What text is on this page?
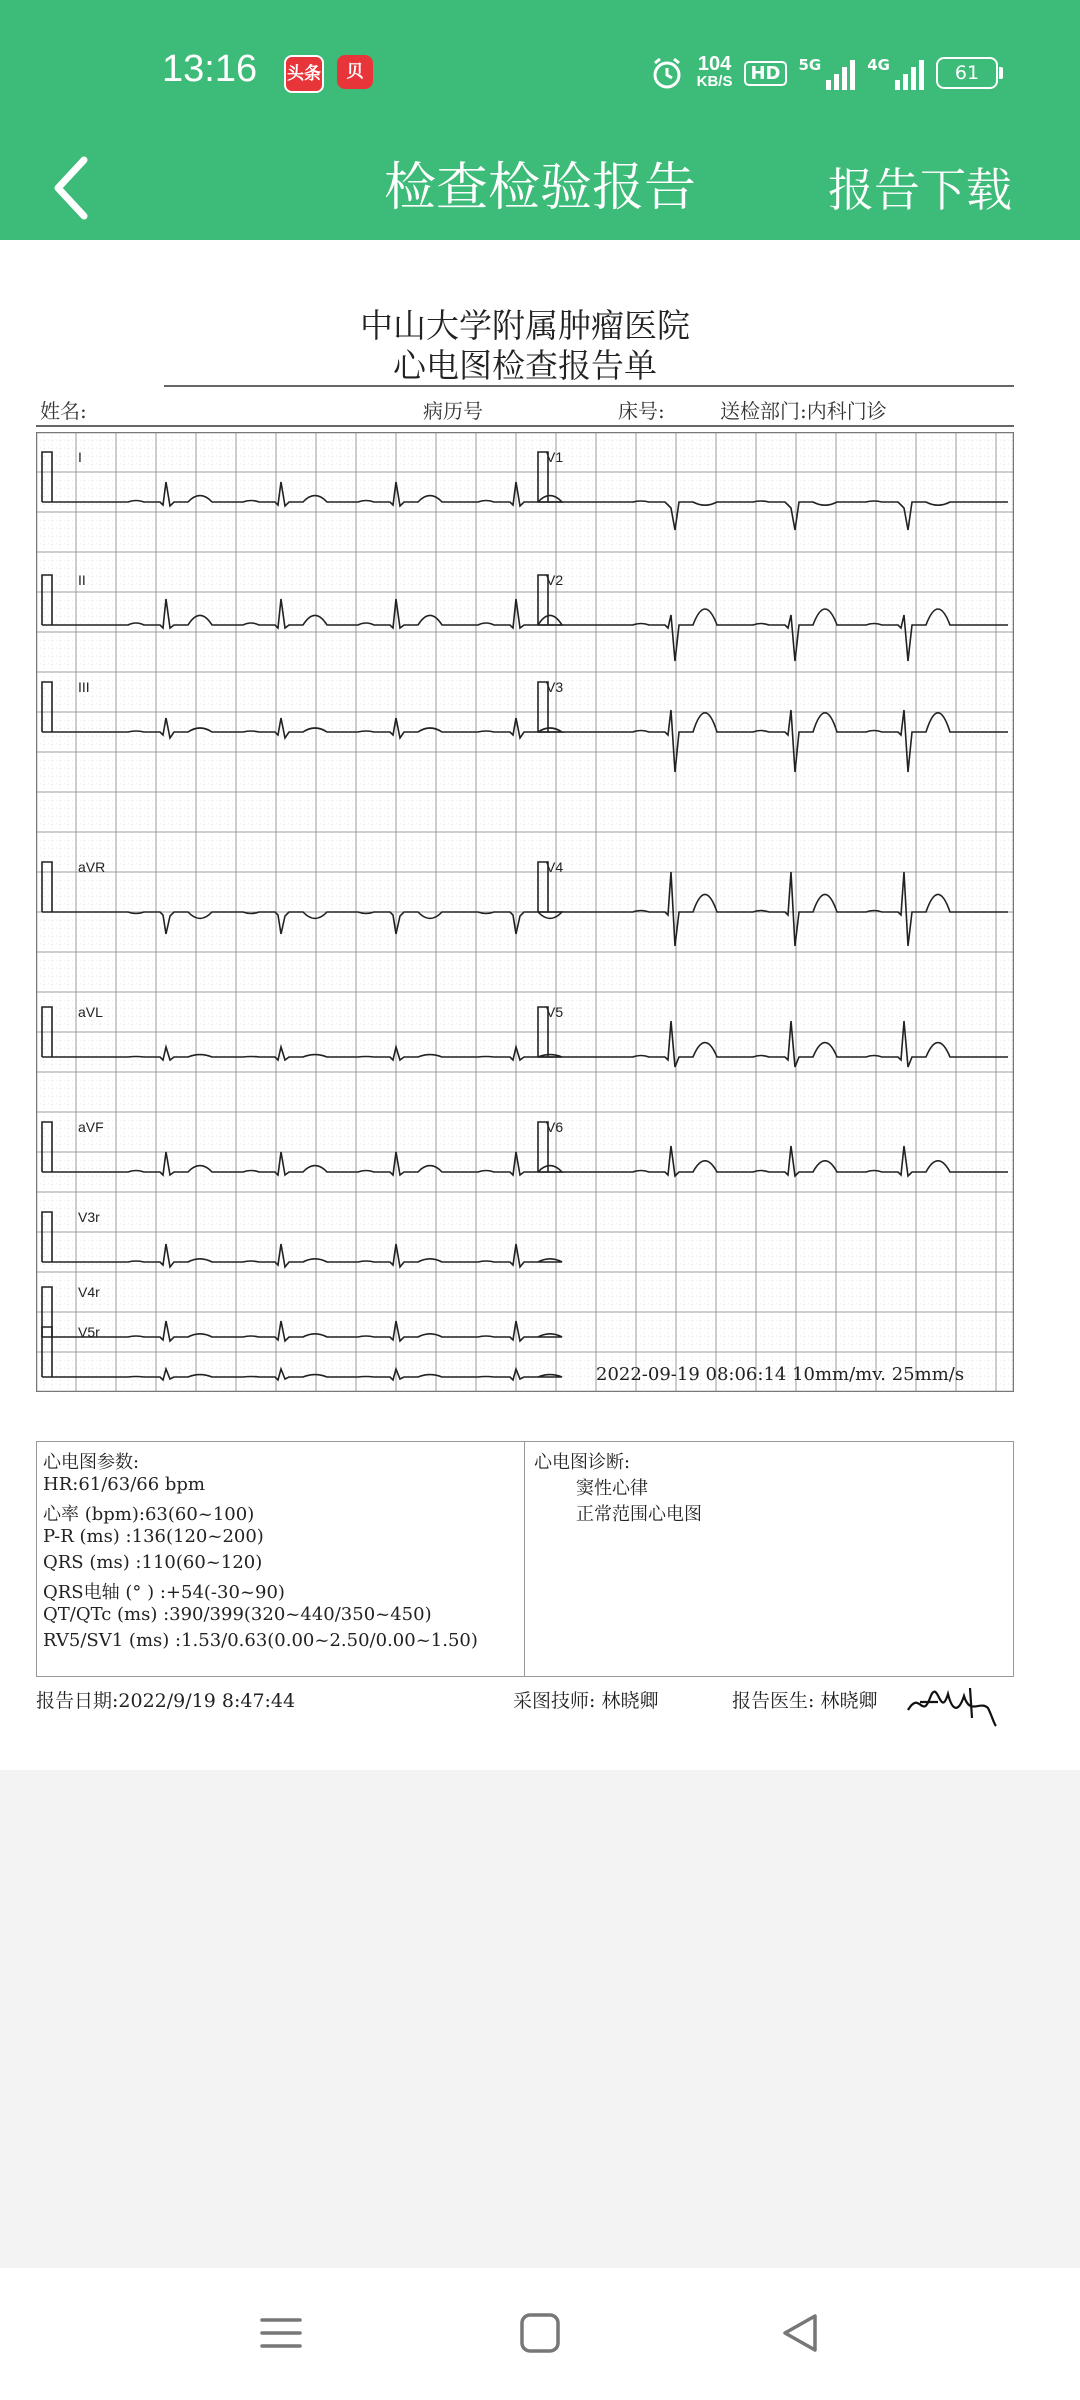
13:16 头条	贝	104
KB/S	HD	5G	4G	61
检查检验报告	报告下载
中山大学附属肿瘤医院
心电图检查报告单
姓名:	病历号	床号:	送检部门:内科门诊
心电图参数:
HR:61/63/66 bpm
心率 (bpm):63(60~100)
P-R (ms) :136(120~200)
QRS (ms) :110(60~120)
QRS电轴 (° ) :+54(-30~90)
QT/QTc (ms) :390/399(320~440/350~450)
RV5/SV1 (ms) :1.53/0.63(0.00~2.50/0.00~1.50)
心电图诊断:
窦性心律
正常范围心电图
报告日期:2022/9/19 8:47:44	采图技师: 林晓卿	报告医生: 林晓卿
I
II
III
aVR
aVL
aVF
V3r
V4r
V5r
V1
V2
V3
V4
V5
V6
2022-09-19 08:06:14 10mm/mv. 25mm/s
